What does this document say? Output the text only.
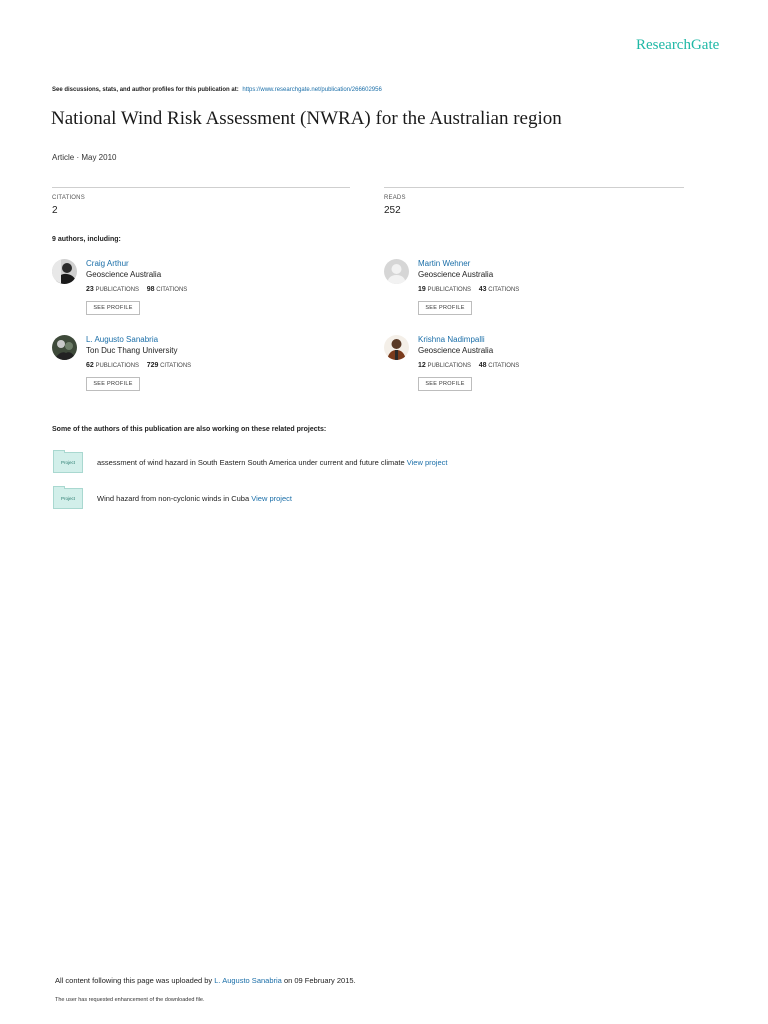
ResearchGate
See discussions, stats, and author profiles for this publication at: https://www.researchgate.net/publication/266602956
National Wind Risk Assessment (NWRA) for the Australian region
Article · May 2010
CITATIONS
2
READS
252
9 authors, including:
Craig Arthur
Geoscience Australia
23 PUBLICATIONS 98 CITATIONS
SEE PROFILE
Martin Wehner
Geoscience Australia
19 PUBLICATIONS 43 CITATIONS
SEE PROFILE
L. Augusto Sanabria
Ton Duc Thang University
62 PUBLICATIONS 729 CITATIONS
SEE PROFILE
Krishna Nadimpalli
Geoscience Australia
12 PUBLICATIONS 48 CITATIONS
SEE PROFILE
Some of the authors of this publication are also working on these related projects:
Project	assessment of wind hazard in South Eastern South America under current and future climate View project
Project	Wind hazard from non-cyclonic winds in Cuba View project
All content following this page was uploaded by L. Augusto Sanabria on 09 February 2015.
The user has requested enhancement of the downloaded file.
